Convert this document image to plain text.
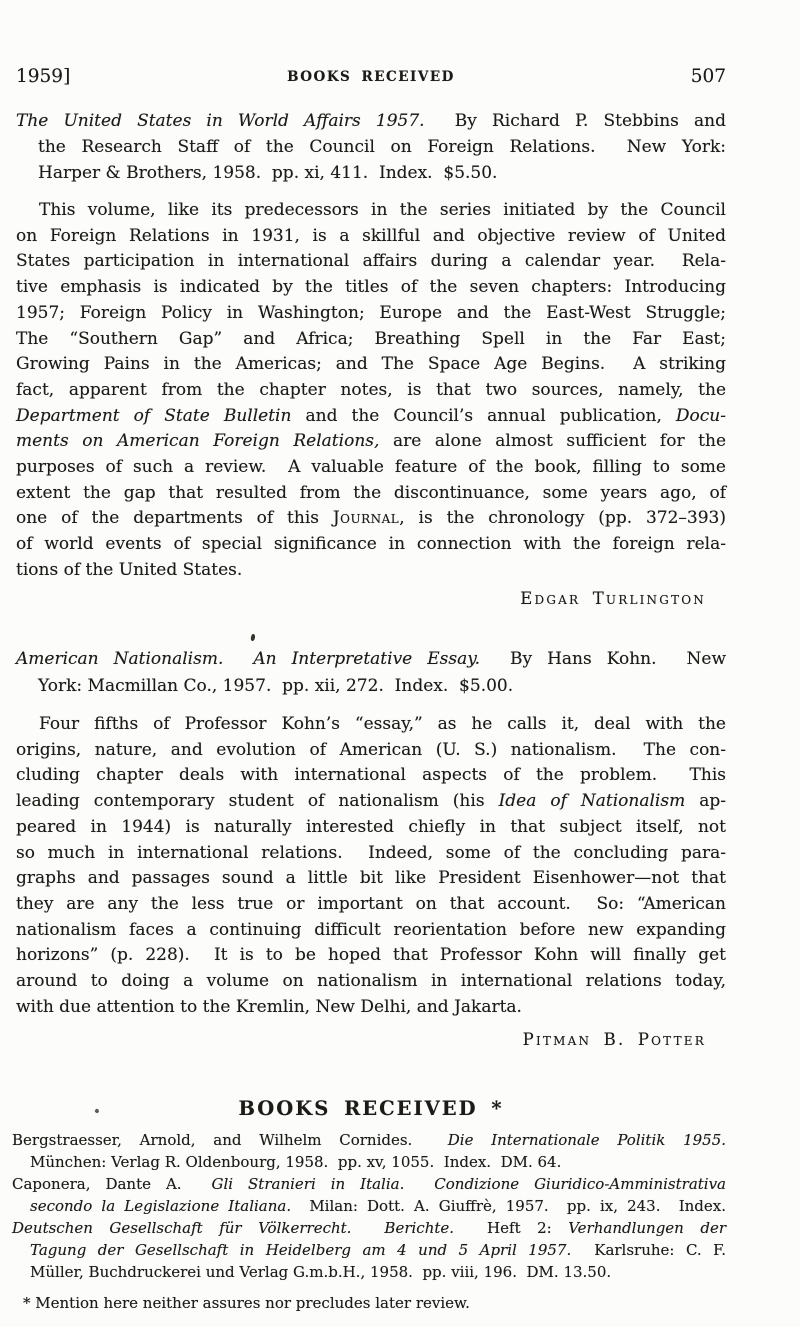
1959]	BOOKS RECEIVED	507
The United States in World Affairs 1957.  By Richard P. Stebbins and
the Research Staff of the Council on Foreign Relations.  New York:
Harper & Brothers, 1958.  pp. xi, 411.  Index.  $5.50.
This volume, like its predecessors in the series initiated by the Council
on Foreign Relations in 1931, is a skillful and objective review of United
States participation in international affairs during a calendar year.  Rela-
tive emphasis is indicated by the titles of the seven chapters: Introducing
1957; Foreign Policy in Washington; Europe and the East-West Struggle;
The “Southern Gap” and Africa; Breathing Spell in the Far East;
Growing Pains in the Americas; and The Space Age Begins.  A striking
fact, apparent from the chapter notes, is that two sources, namely, the
Department of State Bulletin and the Council’s annual publication, Docu-
ments on American Foreign Relations, are alone almost sufficient for the
purposes of such a review.  A valuable feature of the book, filling to some
extent the gap that resulted from the discontinuance, some years ago, of
one of the departments of this Journal, is the chronology (pp. 372–393)
of world events of special significance in connection with the foreign rela-
tions of the United States.
Edgar Turlington
American Nationalism.  An Interpretative Essay.  By Hans Kohn.  New
York: Macmillan Co., 1957.  pp. xii, 272.  Index.  $5.00.
Four fifths of Professor Kohn’s “essay,” as he calls it, deal with the
origins, nature, and evolution of American (U. S.) nationalism.  The con-
cluding chapter deals with international aspects of the problem.  This
leading contemporary student of nationalism (his Idea of Nationalism ap-
peared in 1944) is naturally interested chiefly in that subject itself, not
so much in international relations.  Indeed, some of the concluding para-
graphs and passages sound a little bit like President Eisenhower—not that
they are any the less true or important on that account.  So: “American
nationalism faces a continuing difficult reorientation before new expanding
horizons” (p. 228).  It is to be hoped that Professor Kohn will finally get
around to doing a volume on nationalism in international relations today,
with due attention to the Kremlin, New Delhi, and Jakarta.
Pitman B. Potter
BOOKS RECEIVED *
Bergstraesser, Arnold, and Wilhelm Cornides.  Die Internationale Politik 1955.
München: Verlag R. Oldenbourg, 1958.  pp. xv, 1055.  Index.  DM. 64.
Caponera, Dante A.  Gli Stranieri in Italia.  Condizione Giuridico-Amministrativa
secondo la Legislazione Italiana.  Milan: Dott. A. Giuffrè, 1957.  pp. ix, 243.  Index.
Deutschen Gesellschaft für Völkerrecht.  Berichte.  Heft 2: Verhandlungen der
Tagung der Gesellschaft in Heidelberg am 4 und 5 April 1957.  Karlsruhe: C. F.
Müller, Buchdruckerei und Verlag G.m.b.H., 1958.  pp. viii, 196.  DM. 13.50.
* Mention here neither assures nor precludes later review.
